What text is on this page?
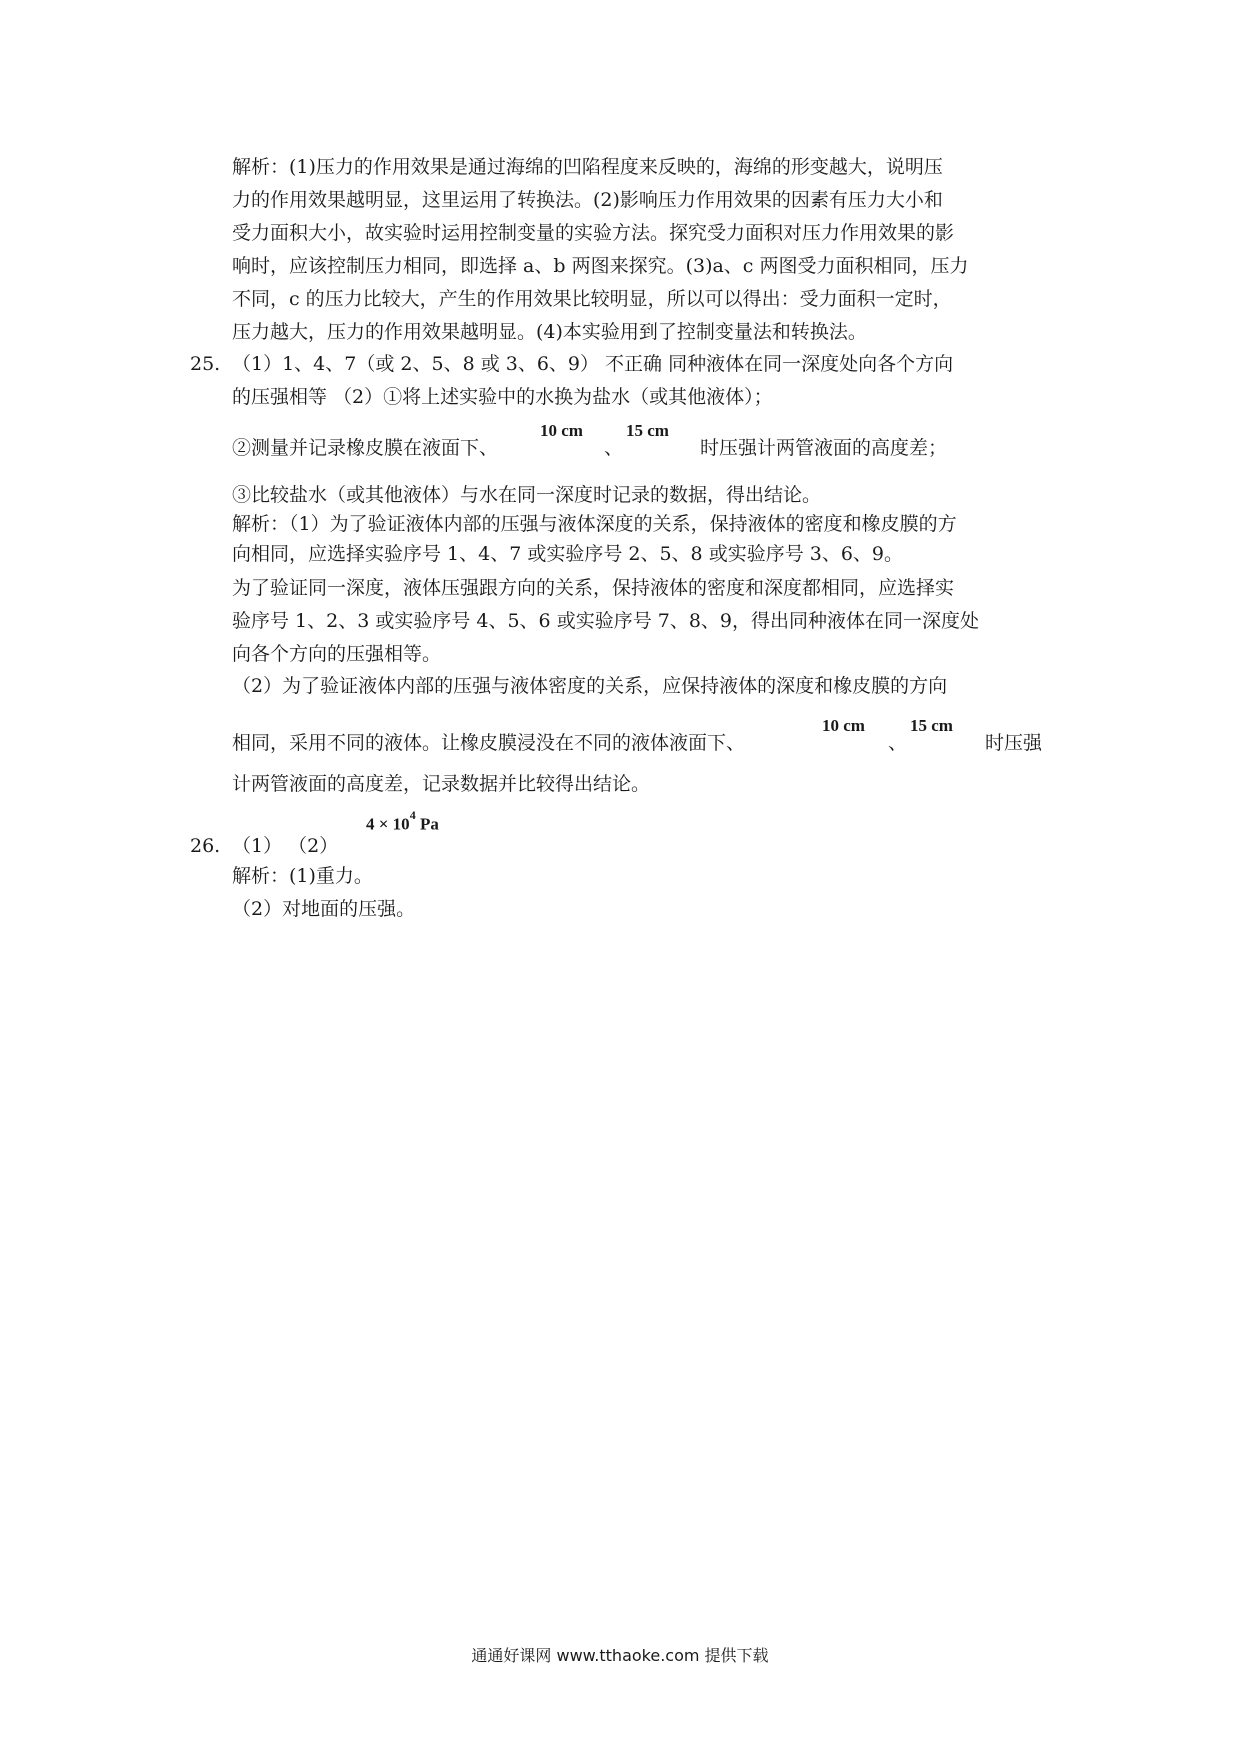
解析：(1)压力的作用效果是通过海绵的凹陷程度来反映的，海绵的形变越大，说明压
力的作用效果越明显，这里运用了转换法。(2)影响压力作用效果的因素有压力大小和
受力面积大小，故实验时运用控制变量的实验方法。探究受力面积对压力作用效果的影
响时，应该控制压力相同，即选择 a、b 两图来探究。(3)a、c 两图受力面积相同，压力
不同，c 的压力比较大，产生的作用效果比较明显，所以可以得出：受力面积一定时，
压力越大，压力的作用效果越明显。(4)本实验用到了控制变量法和转换法。
25. （1）1、4、7（或 2、5、8 或 3、6、9） 不正确 同种液体在同一深度处向各个方向
的压强相等 （2）①将上述实验中的水换为盐水（或其他液体）；
②测量并记录橡皮膜在液面下、
10 cm
、
15 cm
时压强计两管液面的高度差；
③比较盐水（或其他液体）与水在同一深度时记录的数据，得出结论。
解析：（1）为了验证液体内部的压强与液体深度的关系，保持液体的密度和橡皮膜的方
向相同，应选择实验序号 1、4、7 或实验序号 2、5、8 或实验序号 3、6、9。
为了验证同一深度，液体压强跟方向的关系，保持液体的密度和深度都相同，应选择实
验序号 1、2、3 或实验序号 4、5、6 或实验序号 7、8、9，得出同种液体在同一深度处
向各个方向的压强相等。
（2）为了验证液体内部的压强与液体密度的关系，应保持液体的深度和橡皮膜的方向
相同，采用不同的液体。让橡皮膜浸没在不同的液体液面下、
10 cm
、
15 cm
时压强
计两管液面的高度差，记录数据并比较得出结论。
26. （1） （2）
$4 \times 10^4$ Pa
解析：(1)重力。
（2）对地面的压强。
通通好课网 www.tthaoke.com 提供下载
